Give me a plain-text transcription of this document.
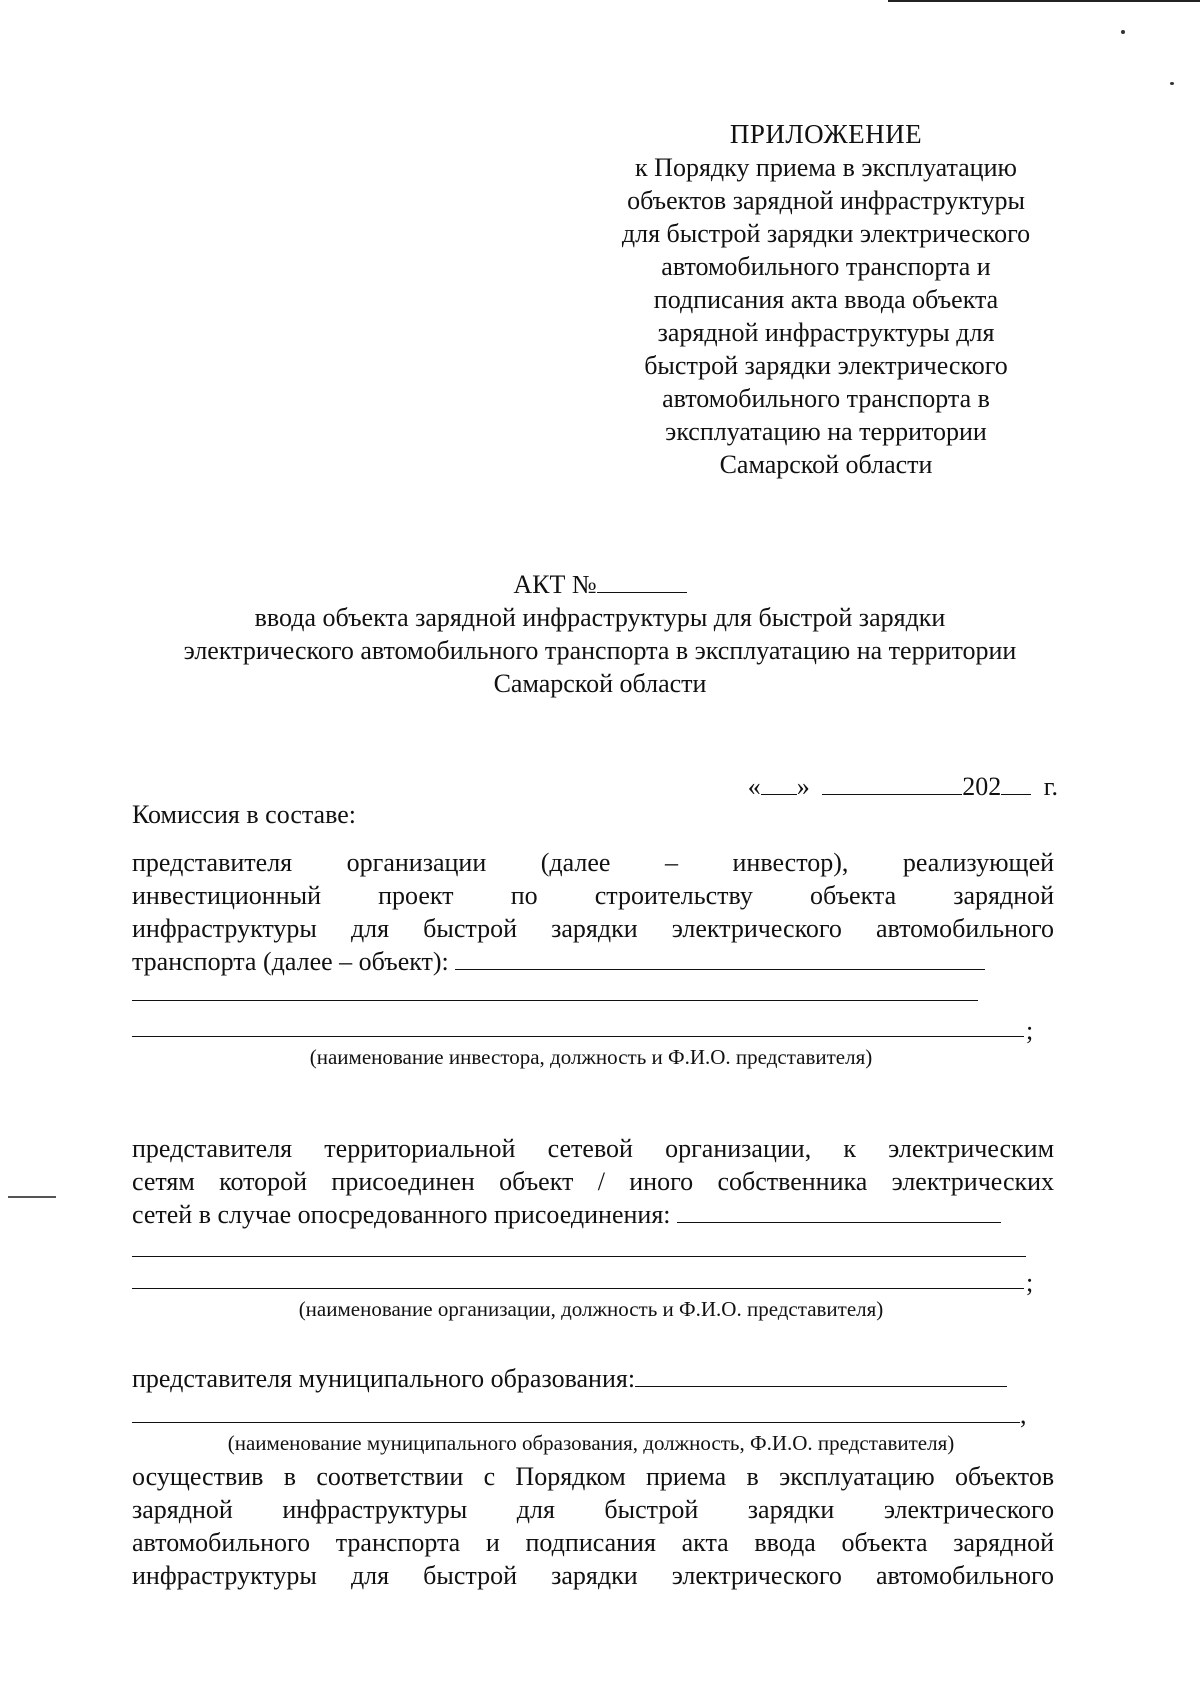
ПРИЛОЖЕНИЕ
к Порядку приема в эксплуатацию
объектов зарядной инфраструктуры
для быстрой зарядки электрического
автомобильного транспорта и
подписания акта ввода объекта
зарядной инфраструктуры для
быстрой зарядки электрического
автомобильного транспорта в
эксплуатацию на территории
Самарской области
АКТ №
ввода объекта зарядной инфраструктуры для быстрой зарядки
электрического автомобильного транспорта в эксплуатацию на территории
Самарской области
« »	202 г.
Комиссия в составе:
представителя организации (далее – инвестор), реализующей
инвестиционный проект по строительству объекта зарядной
инфраструктуры для быстрой зарядки электрического автомобильного
транспорта (далее – объект):
;
(наименование инвестора, должность и Ф.И.О. представителя)
представителя территориальной сетевой организации, к электрическим
сетям которой присоединен объект / иного собственника электрических
сетей в случае опосредованного присоединения:
;
(наименование организации, должность и Ф.И.О. представителя)
представителя муниципального образования:
,
(наименование муниципального образования, должность, Ф.И.О. представителя)
осуществив в соответствии с Порядком приема в эксплуатацию объектов
зарядной инфраструктуры для быстрой зарядки электрического
автомобильного транспорта и подписания акта ввода объекта зарядной
инфраструктуры для быстрой зарядки электрического автомобильного
